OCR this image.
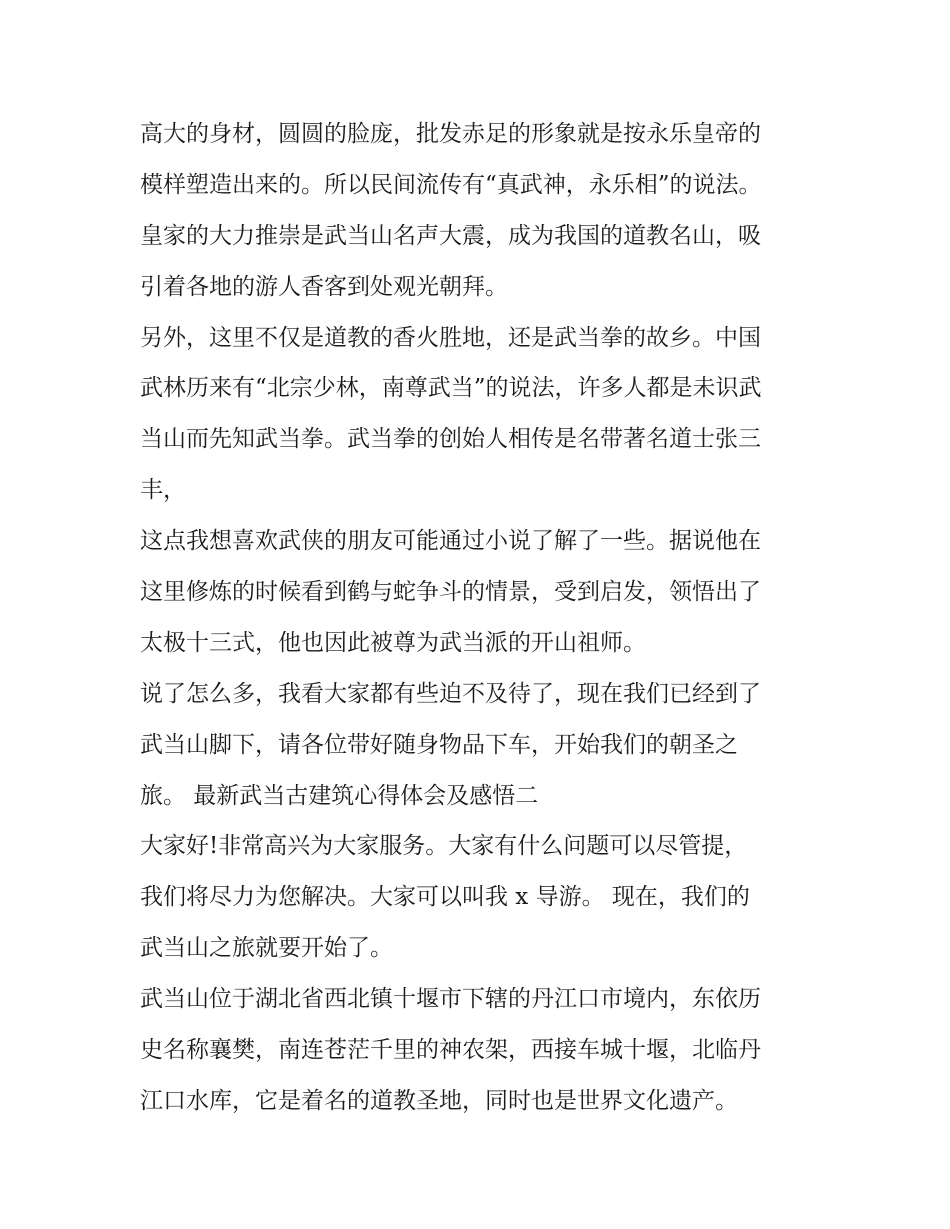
高大的身材，圆圆的脸庞，批发赤足的形象就是按永乐皇帝的
模样塑造出来的。所以民间流传有“真武神，永乐相”的说法。
皇家的大力推崇是武当山名声大震，成为我国的道教名山，吸
引着各地的游人香客到处观光朝拜。
另外，这里不仅是道教的香火胜地，还是武当拳的故乡。中国
武林历来有“北宗少林，南尊武当”的说法，许多人都是未识武
当山而先知武当拳。武当拳的创始人相传是名带著名道士张三
丰，
这点我想喜欢武侠的朋友可能通过小说了解了一些。据说他在
这里修炼的时候看到鹤与蛇争斗的情景，受到启发，领悟出了
太极十三式，他也因此被尊为武当派的开山祖师。
说了怎么多，我看大家都有些迫不及待了，现在我们已经到了
武当山脚下，请各位带好随身物品下车，开始我们的朝圣之
旅。 最新武当古建筑心得体会及感悟二
大家好!非常高兴为大家服务。大家有什么问题可以尽管提，
我们将尽力为您解决。大家可以叫我 x 导游。 现在，我们的
武当山之旅就要开始了。
武当山位于湖北省西北镇十堰市下辖的丹江口市境内，东依历
史名称襄樊，南连苍茫千里的神农架，西接车城十堰，北临丹
江口水库，它是着名的道教圣地，同时也是世界文化遗产。
